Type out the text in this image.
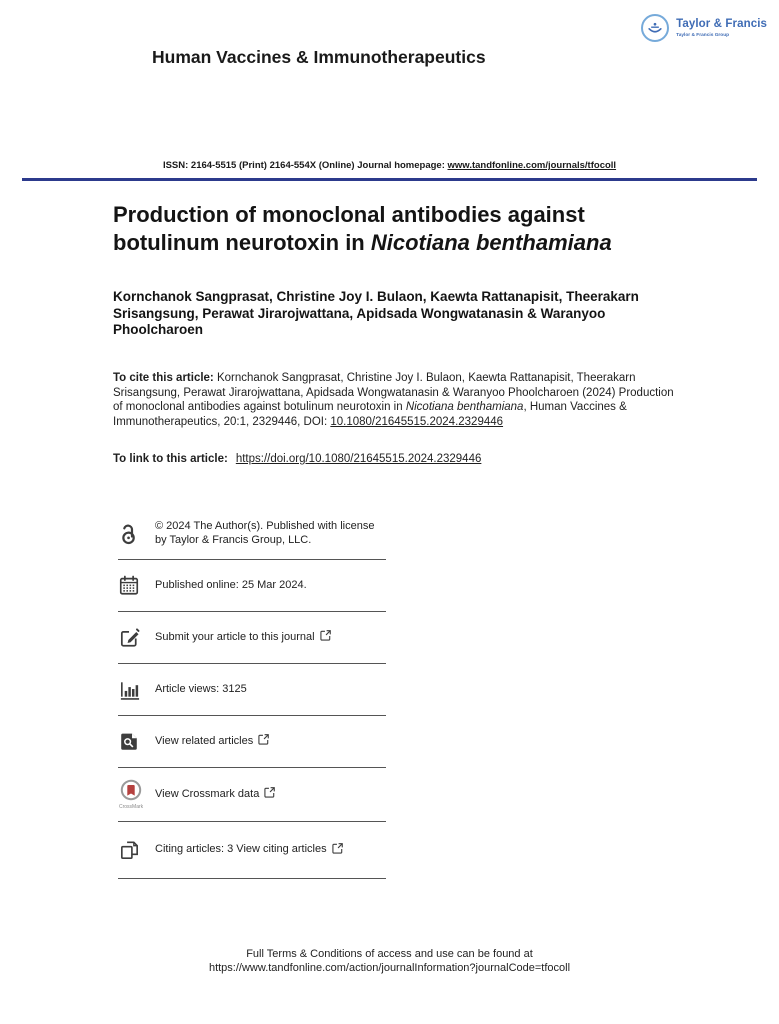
Taylor & Francis
Taylor & Francis Group
Human Vaccines & Immunotherapeutics
ISSN: 2164-5515 (Print) 2164-554X (Online) Journal homepage: www.tandfonline.com/journals/tfocoll
Production of monoclonal antibodies against
botulinum neurotoxin in Nicotiana benthamiana
Kornchanok Sangprasat, Christine Joy I. Bulaon, Kaewta Rattanapisit, Theerakarn Srisangsung, Perawat Jirarojwattana, Apidsada Wongwatanasin & Waranyoo Phoolcharoen

To cite this article: Kornchanok Sangprasat, Christine Joy I. Bulaon, Kaewta Rattanapisit, Theerakarn Srisangsung, Perawat Jirarojwattana, Apidsada Wongwatanasin & Waranyoo Phoolcharoen (2024) Production of monoclonal antibodies against botulinum neurotoxin in Nicotiana benthamiana, Human Vaccines & Immunotherapeutics, 20:1, 2329446, DOI: 10.1080/21645515.2024.2329446

To link to this article: https://doi.org/10.1080/21645515.2024.2329446

© 2024 The Author(s). Published with license by Taylor & Francis Group, LLC.
Published online: 25 Mar 2024.
Submit your article to this journal
Article views: 3125
View related articles
CrossMark
View Crossmark data
Citing articles: 3 View citing articles
Full Terms & Conditions of access and use can be found at
https://www.tandfonline.com/action/journalInformation?journalCode=tfocoll
